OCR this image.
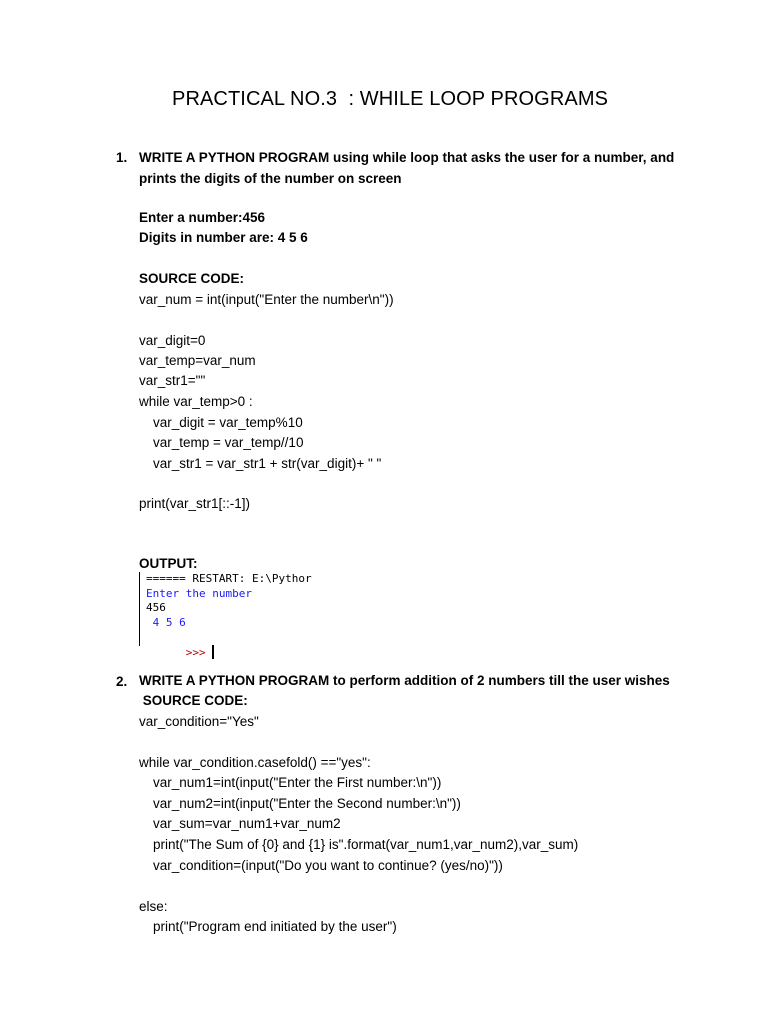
PRACTICAL NO.3  : WHILE LOOP PROGRAMS
1. WRITE A PYTHON PROGRAM using while loop that asks the user for a number, and
prints the digits of the number on screen
Enter a number:456
Digits in number are: 4 5 6
SOURCE CODE:
var_num = int(input("Enter the number\n"))
var_digit=0
var_temp=var_num
var_str1=""
while var_temp>0 :
var_digit = var_temp%10
var_temp = var_temp//10
var_str1 = var_str1 + str(var_digit)+ " "
print(var_str1[::-1])
OUTPUT:
====== RESTART: E:\Pythor
Enter the number
456
4 5 6

>>>

2. WRITE A PYTHON PROGRAM to perform addition of 2 numbers till the user wishes
SOURCE CODE:
var_condition="Yes"
while var_condition.casefold() =="yes":
var_num1=int(input("Enter the First number:\n"))
var_num2=int(input("Enter the Second number:\n"))
var_sum=var_num1+var_num2
print("The Sum of {0} and {1} is".format(var_num1,var_num2),var_sum)
var_condition=(input("Do you want to continue? (yes/no)"))
else:
print("Program end initiated by the user")
